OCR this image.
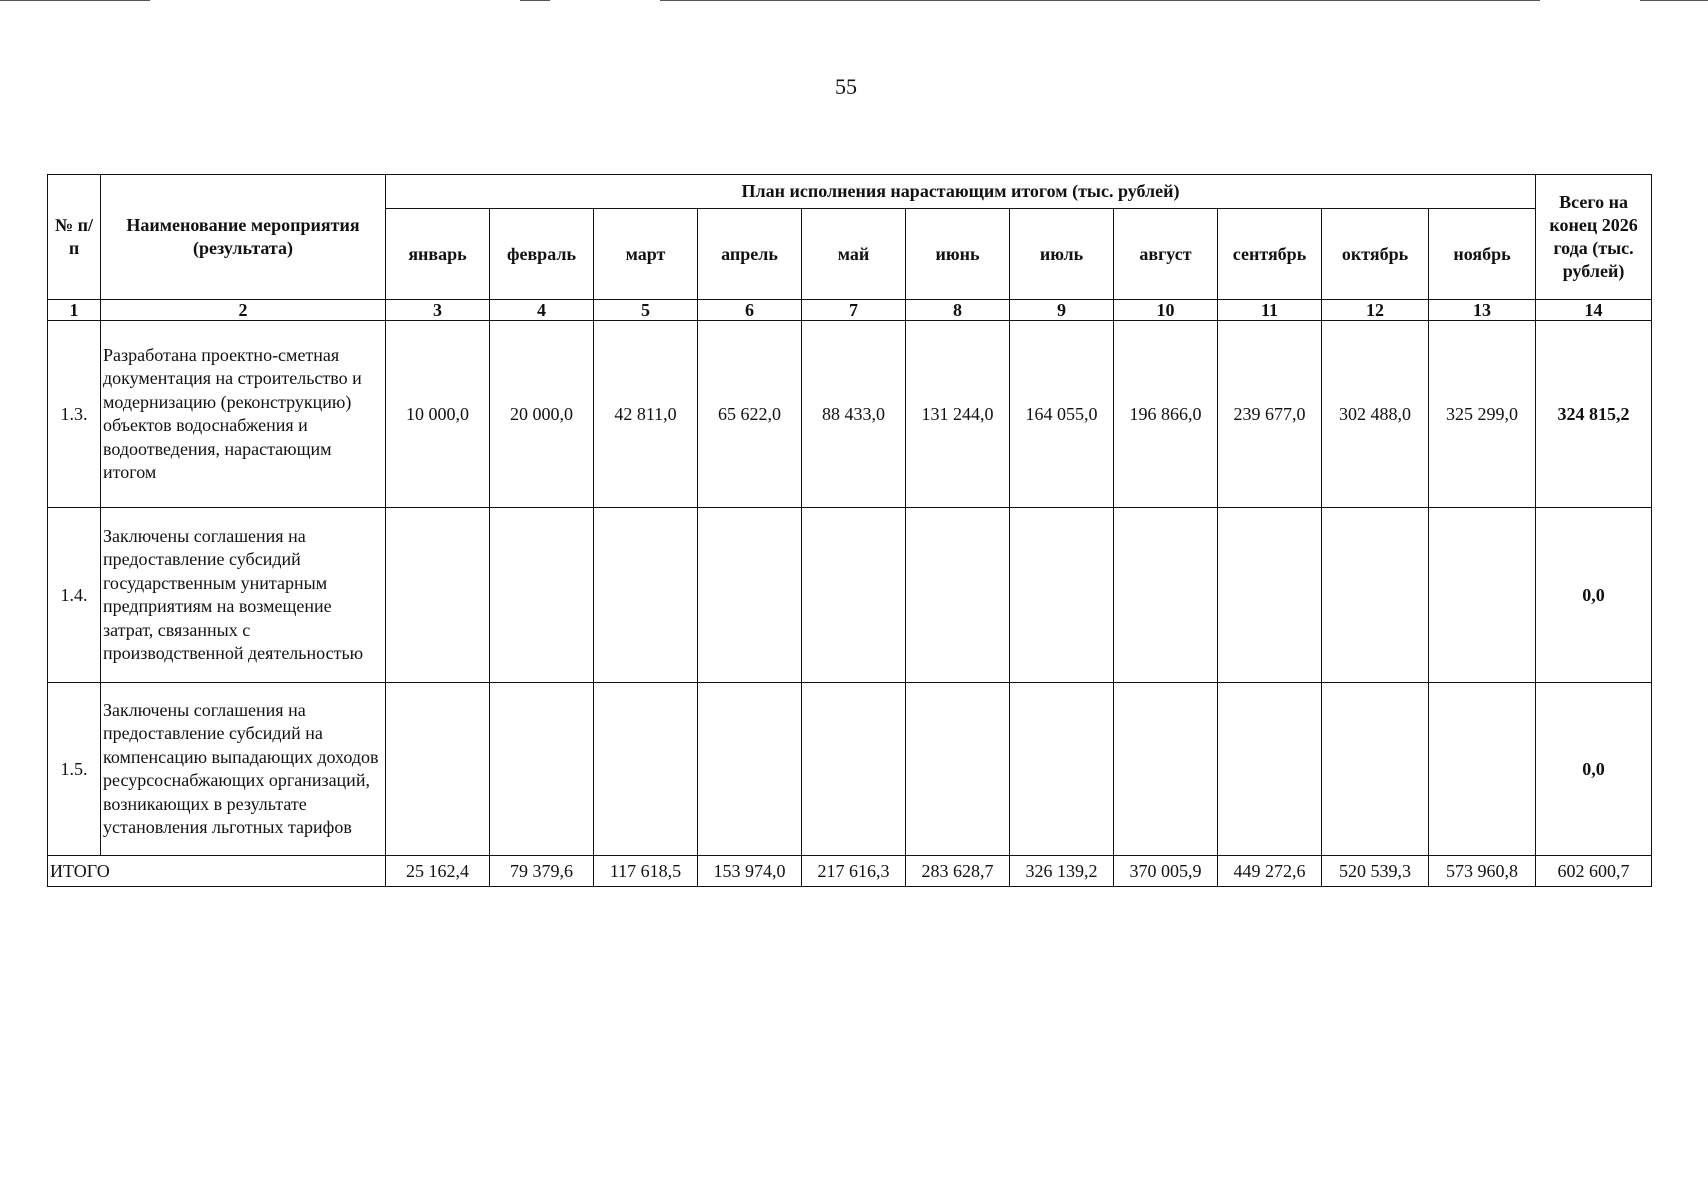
55
№ п/п	Наименование мероприятия (результата)	План исполнения нарастающим итогом (тыс. рублей)											Всего на конец 2026 года (тыс. рублей)
		январь	февраль	март	апрель	май	июнь	июль	август	сентябрь	октябрь	ноябрь	
1	2	3	4	5	6	7	8	9	10	11	12	13	14
1.3.	Разработана проектно-сметная документация на строительство и модернизацию (реконструкцию) объектов водоснабжения и водоотведения, нарастающим итогом	10 000,0	20 000,0	42 811,0	65 622,0	88 433,0	131 244,0	164 055,0	196 866,0	239 677,0	302 488,0	325 299,0	324 815,2
1.4.	Заключены соглашения на предоставление субсидий государственным унитарным предприятиям на возмещение затрат, связанных с производственной деятельностью												0,0
1.5.	Заключены соглашения на предоставление субсидий на компенсацию выпадающих доходов ресурсоснабжающих организаций, возникающих в результате установления льготных тарифов												0,0
ИТОГО		25 162,4	79 379,6	117 618,5	153 974,0	217 616,3	283 628,7	326 139,2	370 005,9	449 272,6	520 539,3	573 960,8	602 600,7
